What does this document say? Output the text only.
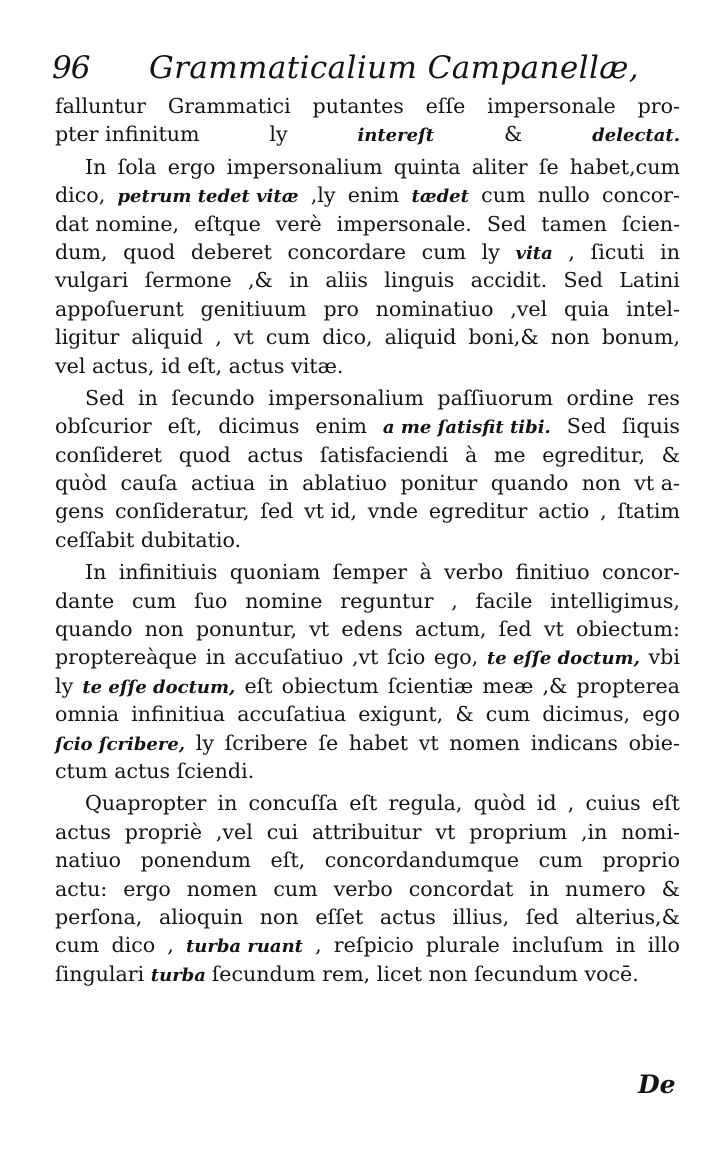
96 Grammaticalium Campanellæ,
falluntur Grammatici putantes eſſe impersonale pro-
pter infinitum	ly	intereſt	&	delectat.
In ſola ergo impersonalium quinta aliter ſe habet,cum
dico, petrum tedet vitæ ,ly enim tædet cum nullo concor-
dat nomine, eſtque verè impersonale. Sed tamen ſcien-
dum, quod deberet concordare cum ly vita , ſicuti in
vulgari ſermone ,& in aliis linguis accidit. Sed Latini
appoſuerunt genitiuum pro nominatiuo ,vel quia intel-
ligitur aliquid , vt cum dico, aliquid boni,& non bonum,
vel actus, id eſt, actus vitæ.
Sed in ſecundo impersonalium paſſiuorum ordine res
obſcurior eſt, dicimus enim a me ſatisfit tibi. Sed ſiquis
conſideret quod actus ſatisfaciendi à me egreditur, &
quòd cauſa actiua in ablatiuo ponitur quando non vt a-
gens conſideratur, ſed vt id, vnde egreditur actio , ſtatim
ceſſabit dubitatio.
In infinitiuis quoniam ſemper à verbo finitiuo concor-
dante cum ſuo nomine reguntur , facile intelligimus,
quando non ponuntur, vt edens actum, ſed vt obiectum:
proptereàque in accuſatiuo ,vt ſcio ego, te eſſe doctum, vbi
ly te eſſe doctum, eſt obiectum ſcientiæ meæ ,& propterea
omnia infinitiua accuſatiua exigunt, & cum dicimus, ego
ſcio ſcribere, ly ſcribere ſe habet vt nomen indicans obie-
ctum actus ſciendi.
Quapropter in concuſſa eſt regula, quòd id , cuius eſt
actus propriè ,vel cui attribuitur vt proprium ,in nomi-
natiuo ponendum eſt, concordandumque cum proprio
actu: ergo nomen cum verbo concordat in numero &
perſona, alioquin non eſſet actus illius, ſed alterius,&
cum dico , turba ruant , reſpicio plurale incluſum in illo
ſingulari turba ſecundum rem, licet non ſecundum vocē.
De
